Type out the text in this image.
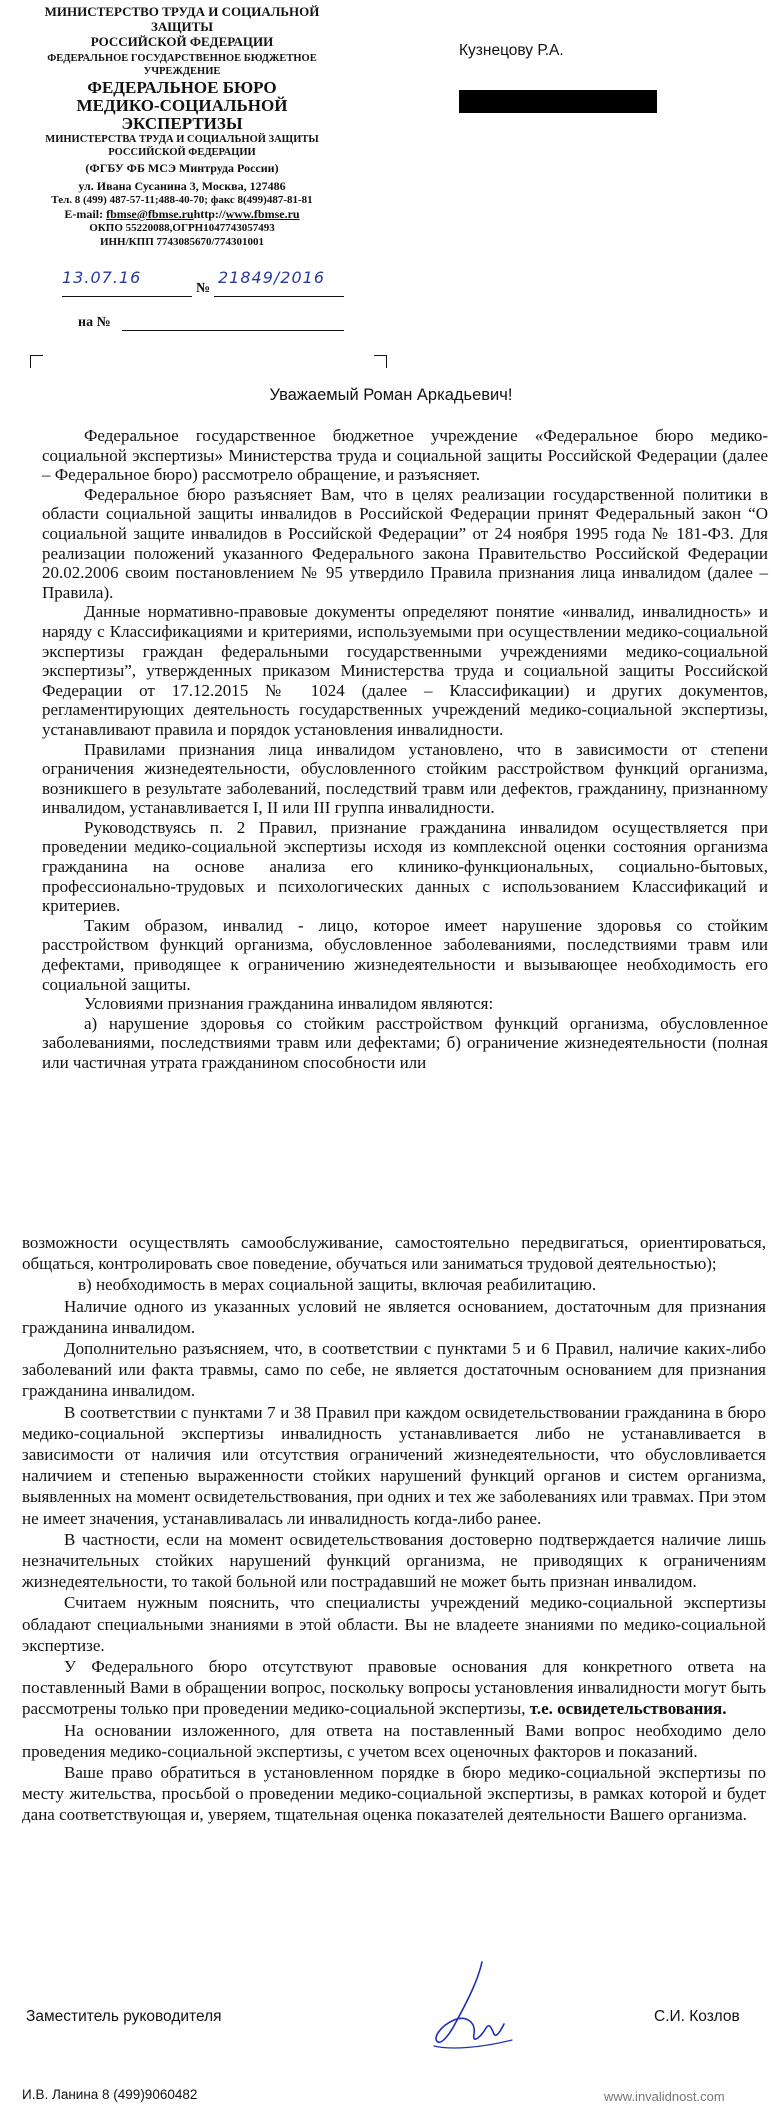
МИНИСТЕРСТВО ТРУДА И СОЦИАЛЬНОЙ ЗАЩИТЫ
РОССИЙСКОЙ ФЕДЕРАЦИИ
ФЕДЕРАЛЬНОЕ ГОСУДАРСТВЕННОЕ БЮДЖЕТНОЕ
УЧРЕЖДЕНИЕ
ФЕДЕРАЛЬНОЕ БЮРО
МЕДИКО-СОЦИАЛЬНОЙ ЭКСПЕРТИЗЫ
МИНИСТЕРСТВА ТРУДА И СОЦИАЛЬНОЙ ЗАЩИТЫ
РОССИЙСКОЙ ФЕДЕРАЦИИ
(ФГБУ ФБ МСЭ Минтруда России)
ул. Ивана Сусанина 3, Москва, 127486
Тел. 8 (499) 487-57-11;488-40-70; факс 8(499)487-81-81
E-mail: fbmse@fbmse.ruhttp://www.fbmse.ru
ОКПО 55220088,ОГРН1047743057493
ИНН/КПП 7743085670/774301001
Кузнецову Р.А.
13.07.16
№
21849/2016
на №
Уважаемый Роман Аркадьевич!

Федеральное государственное бюджетное учреждение «Федеральное бюро медико-социальной экспертизы» Министерства труда и социальной защиты Российской Федерации (далее – Федеральное бюро) рассмотрело обращение, и разъясняет.

Федеральное бюро разъясняет Вам, что в целях реализации государственной политики в области социальной защиты инвалидов в Российской Федерации принят Федеральный закон “О социальной защите инвалидов в Российской Федерации” от 24 ноября 1995 года № 181-ФЗ. Для реализации положений указанного Федерального закона Правительство Российской Федерации 20.02.2006 своим постановлением № 95 утвердило Правила признания лица инвалидом (далее – Правила).

Данные нормативно-правовые документы определяют понятие «инвалид, инвалидность» и наряду с Классификациями и критериями, используемыми при осуществлении медико-социальной экспертизы граждан федеральными государственными учреждениями медико-социальной экспертизы”, утвержденных приказом Министерства труда и социальной защиты Российской Федерации от 17.12.2015 № 1024 (далее – Классификации) и других документов, регламентирующих деятельность государственных учреждений медико-социальной экспертизы, устанавливают правила и порядок установления инвалидности.

Правилами признания лица инвалидом установлено, что в зависимости от степени ограничения жизнедеятельности, обусловленного стойким расстройством функций организма, возникшего в результате заболеваний, последствий травм или дефектов, гражданину, признанному инвалидом, устанавливается I, II или III группа инвалидности.

Руководствуясь п. 2 Правил, признание гражданина инвалидом осуществляется при проведении медико-социальной экспертизы исходя из комплексной оценки состояния организма гражданина на основе анализа его клинико-функциональных, социально-бытовых, профессионально-трудовых и психологических данных с использованием Классификаций и критериев.

Таким образом, инвалид - лицо, которое имеет нарушение здоровья со стойким расстройством функций организма, обусловленное заболеваниями, последствиями травм или дефектами, приводящее к ограничению жизнедеятельности и вызывающее необходимость его социальной защиты.

Условиями признания гражданина инвалидом являются:

а) нарушение здоровья со стойким расстройством функций организма, обусловленное заболеваниями, последствиями травм или дефектами; б) ограничение жизнедеятельности (полная или частичная утрата гражданином способности или

возможности осуществлять самообслуживание, самостоятельно передвигаться, ориентироваться, общаться, контролировать свое поведение, обучаться или заниматься трудовой деятельностью);

в) необходимость в мерах социальной защиты, включая реабилитацию.

Наличие одного из указанных условий не является основанием, достаточным для признания гражданина инвалидом.

Дополнительно разъясняем, что, в соответствии с пунктами 5 и 6 Правил, наличие каких-либо заболеваний или факта травмы, само по себе, не является достаточным основанием для признания гражданина инвалидом.

В соответствии с пунктами 7 и 38 Правил при каждом освидетельствовании гражданина в бюро медико-социальной экспертизы инвалидность устанавливается либо не устанавливается в зависимости от наличия или отсутствия ограничений жизнедеятельности, что обусловливается наличием и степенью выраженности стойких нарушений функций органов и систем организма, выявленных на момент освидетельствования, при одних и тех же заболеваниях или травмах. При этом не имеет значения, устанавливалась ли инвалидность когда-либо ранее.

В частности, если на момент освидетельствования достоверно подтверждается наличие лишь незначительных стойких нарушений функций организма, не приводящих к ограничениям жизнедеятельности, то такой больной или пострадавший не может быть признан инвалидом.

Считаем нужным пояснить, что специалисты учреждений медико-социальной экспертизы обладают специальными знаниями в этой области. Вы не владеете знаниями по медико-социальной экспертизе.

У Федерального бюро отсутствуют правовые основания для конкретного ответа на поставленный Вами в обращении вопрос, поскольку вопросы установления инвалидности могут быть рассмотрены только при проведении медико-социальной экспертизы, т.е. освидетельствования.

На основании изложенного, для ответа на поставленный Вами вопрос необходимо дело проведения медико-социальной экспертизы, с учетом всех оценочных факторов и показаний.

Ваше право обратиться в установленном порядке в бюро медико-социальной экспертизы по месту жительства, просьбой о проведении медико-социальной экспертизы, в рамках которой и будет дана соответствующая и, уверяем, тщательная оценка показателей деятельности Вашего организма.

Заместитель руководителя	С.И. Козлов
И.В. Ланина 8 (499)9060482	www.invalidnost.com
